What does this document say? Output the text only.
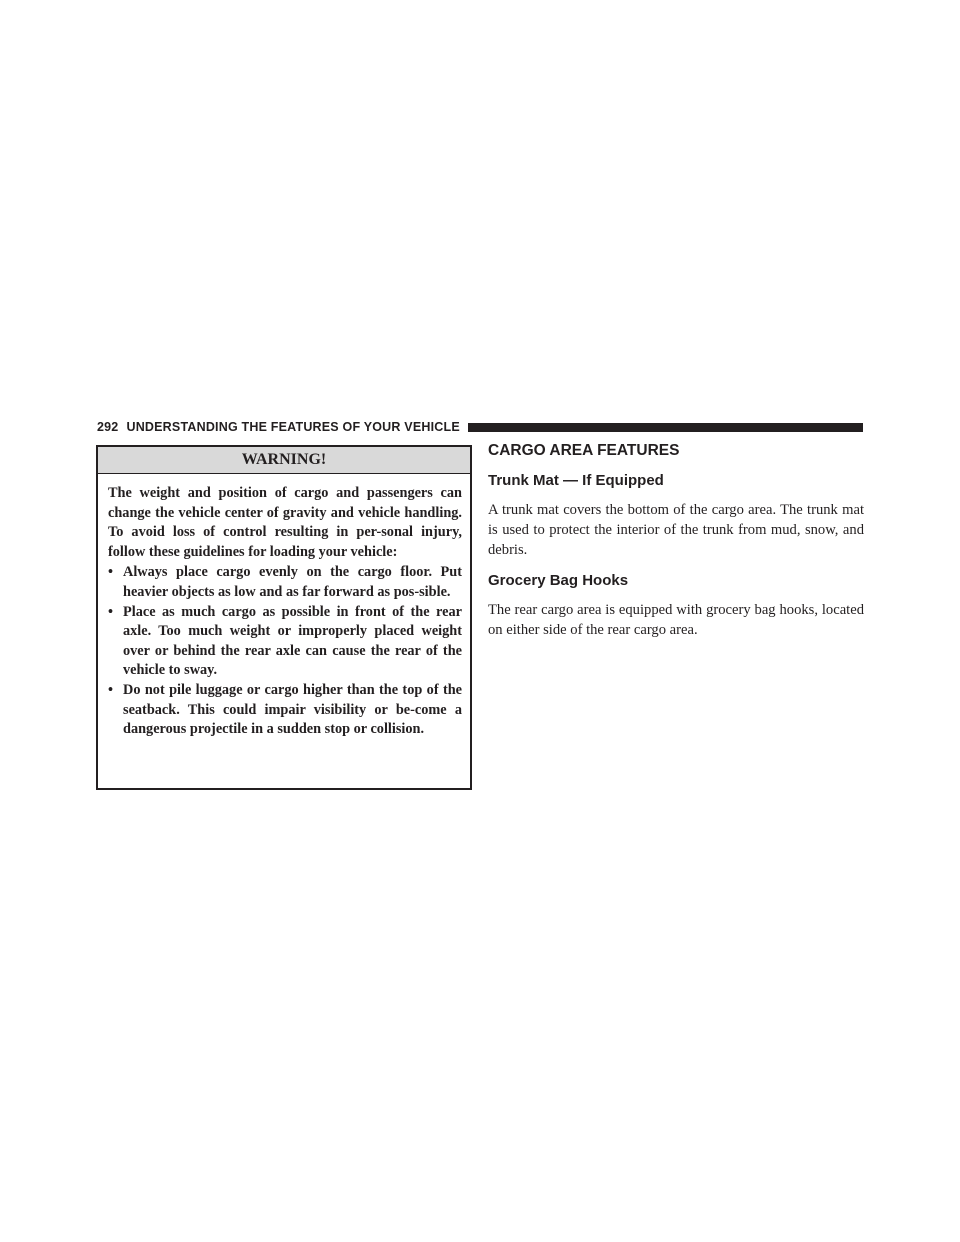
292 UNDERSTANDING THE FEATURES OF YOUR VEHICLE
WARNING!

The weight and position of cargo and passengers can change the vehicle center of gravity and vehicle handling. To avoid loss of control resulting in per-sonal injury, follow these guidelines for loading your vehicle:

• Always place cargo evenly on the cargo floor. Put heavier objects as low and as far forward as pos-sible.
• Place as much cargo as possible in front of the rear axle. Too much weight or improperly placed weight over or behind the rear axle can cause the rear of the vehicle to sway.
• Do not pile luggage or cargo higher than the top of the seatback. This could impair visibility or be-come a dangerous projectile in a sudden stop or collision.
CARGO AREA FEATURES
Trunk Mat — If Equipped

A trunk mat covers the bottom of the cargo area. The trunk mat is used to protect the interior of the trunk from mud, snow, and debris.

Grocery Bag Hooks

The rear cargo area is equipped with grocery bag hooks, located on either side of the rear cargo area.
